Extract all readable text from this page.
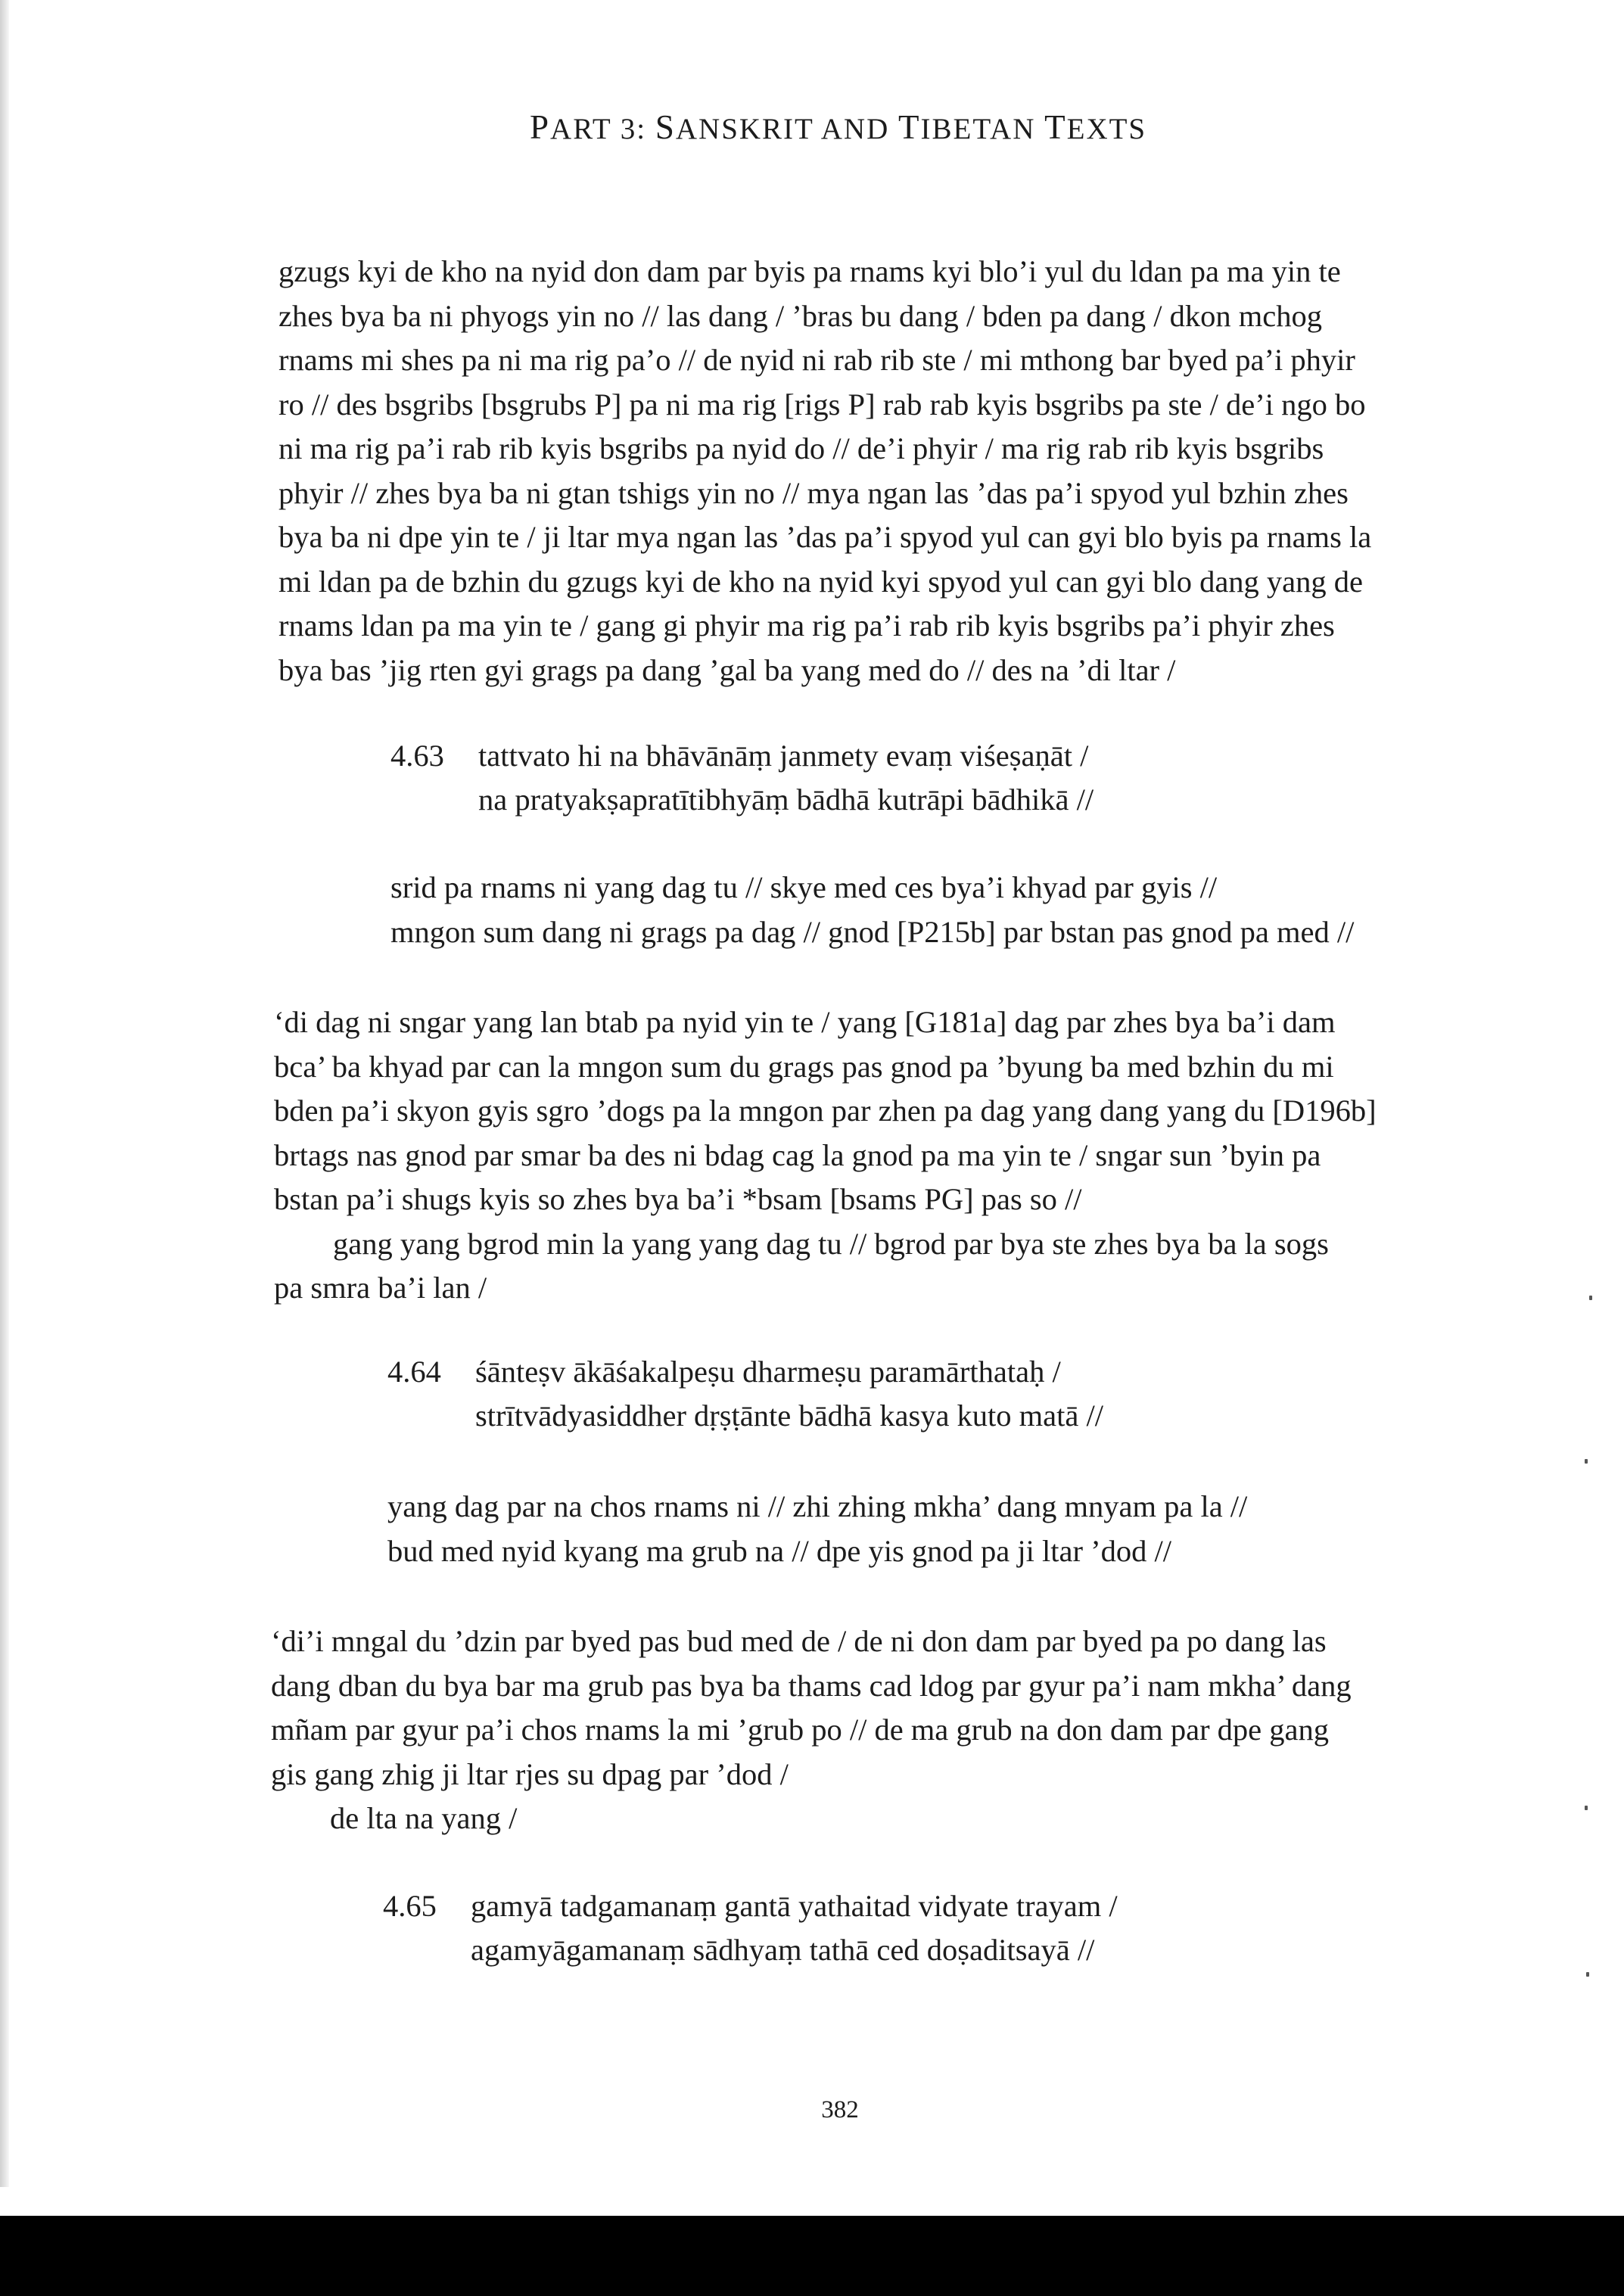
PART 3: SANSKRIT AND TIBETAN TEXTS
gzugs kyi de kho na nyid don dam par byis pa rnams kyi blo’i yul du ldan pa ma yin te
zhes bya ba ni phyogs yin no // las dang / ’bras bu dang / bden pa dang / dkon mchog
rnams mi shes pa ni ma rig pa’o // de nyid ni rab rib ste / mi mthong bar byed pa’i phyir
ro // des bsgribs [bsgrubs P] pa ni ma rig [rigs P] rab rab kyis bsgribs pa ste / de’i ngo bo
ni ma rig pa’i rab rib kyis bsgribs pa nyid do // de’i phyir / ma rig rab rib kyis bsgribs
phyir // zhes bya ba ni gtan tshigs yin no // mya ngan las ’das pa’i spyod yul bzhin zhes
bya ba ni dpe yin te / ji ltar mya ngan las ’das pa’i spyod yul can gyi blo byis pa rnams la
mi ldan pa de bzhin du gzugs kyi de kho na nyid kyi spyod yul can gyi blo dang yang de
rnams ldan pa ma yin te / gang gi phyir ma rig pa’i rab rib kyis bsgribs pa’i phyir zhes
bya bas ’jig rten gyi grags pa dang ’gal ba yang med do // des na ’di ltar /
4.63 tattvato hi na bhāvānāṃ janmety evaṃ viśeṣaṇāt /
na pratyakṣapratītibhyāṃ bādhā kutrāpi bādhikā //
srid pa rnams ni yang dag tu // skye med ces bya’i khyad par gyis //
mngon sum dang ni grags pa dag // gnod [P215b] par bstan pas gnod pa med //
‘di dag ni sngar yang lan btab pa nyid yin te / yang [G181a] dag par zhes bya ba’i dam
bca’ ba khyad par can la mngon sum du grags pas gnod pa ’byung ba med bzhin du mi
bden pa’i skyon gyis sgro ’dogs pa la mngon par zhen pa dag yang dang yang du [D196b]
brtags nas gnod par smar ba des ni bdag cag la gnod pa ma yin te / sngar sun ’byin pa
bstan pa’i shugs kyis so zhes bya ba’i *bsam [bsams PG] pas so //
gang yang bgrod min la yang yang dag tu // bgrod par bya ste zhes bya ba la sogs
pa smra ba’i lan /
4.64 śānteṣv ākāśakalpeṣu dharmeṣu paramārthataḥ /
strītvādyasiddher dṛṣṭānte bādhā kasya kuto matā //
yang dag par na chos rnams ni // zhi zhing mkha’ dang mnyam pa la //
bud med nyid kyang ma grub na // dpe yis gnod pa ji ltar ’dod //
‘di’i mngal du ’dzin par byed pas bud med de / de ni don dam par byed pa po dang las
dang dban du bya bar ma grub pas bya ba thams cad ldog par gyur pa’i nam mkha’ dang
mñam par gyur pa’i chos rnams la mi ’grub po // de ma grub na don dam par dpe gang
gis gang zhig ji ltar rjes su dpag par ’dod /
de lta na yang /
4.65 gamyā tadgamanaṃ gantā yathaitad vidyate trayam /
agamyāgamanaṃ sādhyaṃ tathā ced doṣaditsayā //
382
